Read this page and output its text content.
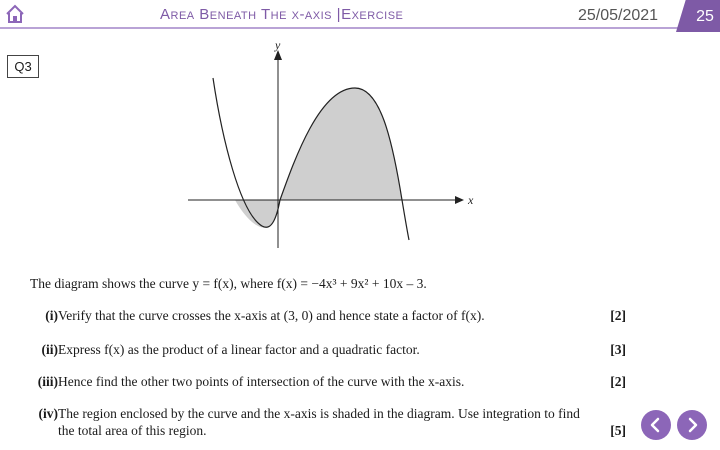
Area Beneath The x-axis |Exercise	25/05/2021	25
Q3
y
x
The diagram shows the curve y = f(x), where f(x) = −4x³ + 9x² + 10x – 3.
(i) Verify that the curve crosses the x-axis at (3, 0) and hence state a factor of f(x).	[2]
(ii) Express f(x) as the product of a linear factor and a quadratic factor.	[3]
(iii) Hence find the other two points of intersection of the curve with the x-axis.	[2]
(iv) The region enclosed by the curve and the x-axis is shaded in the diagram. Use integration to find
the total area of this region.	[5]
